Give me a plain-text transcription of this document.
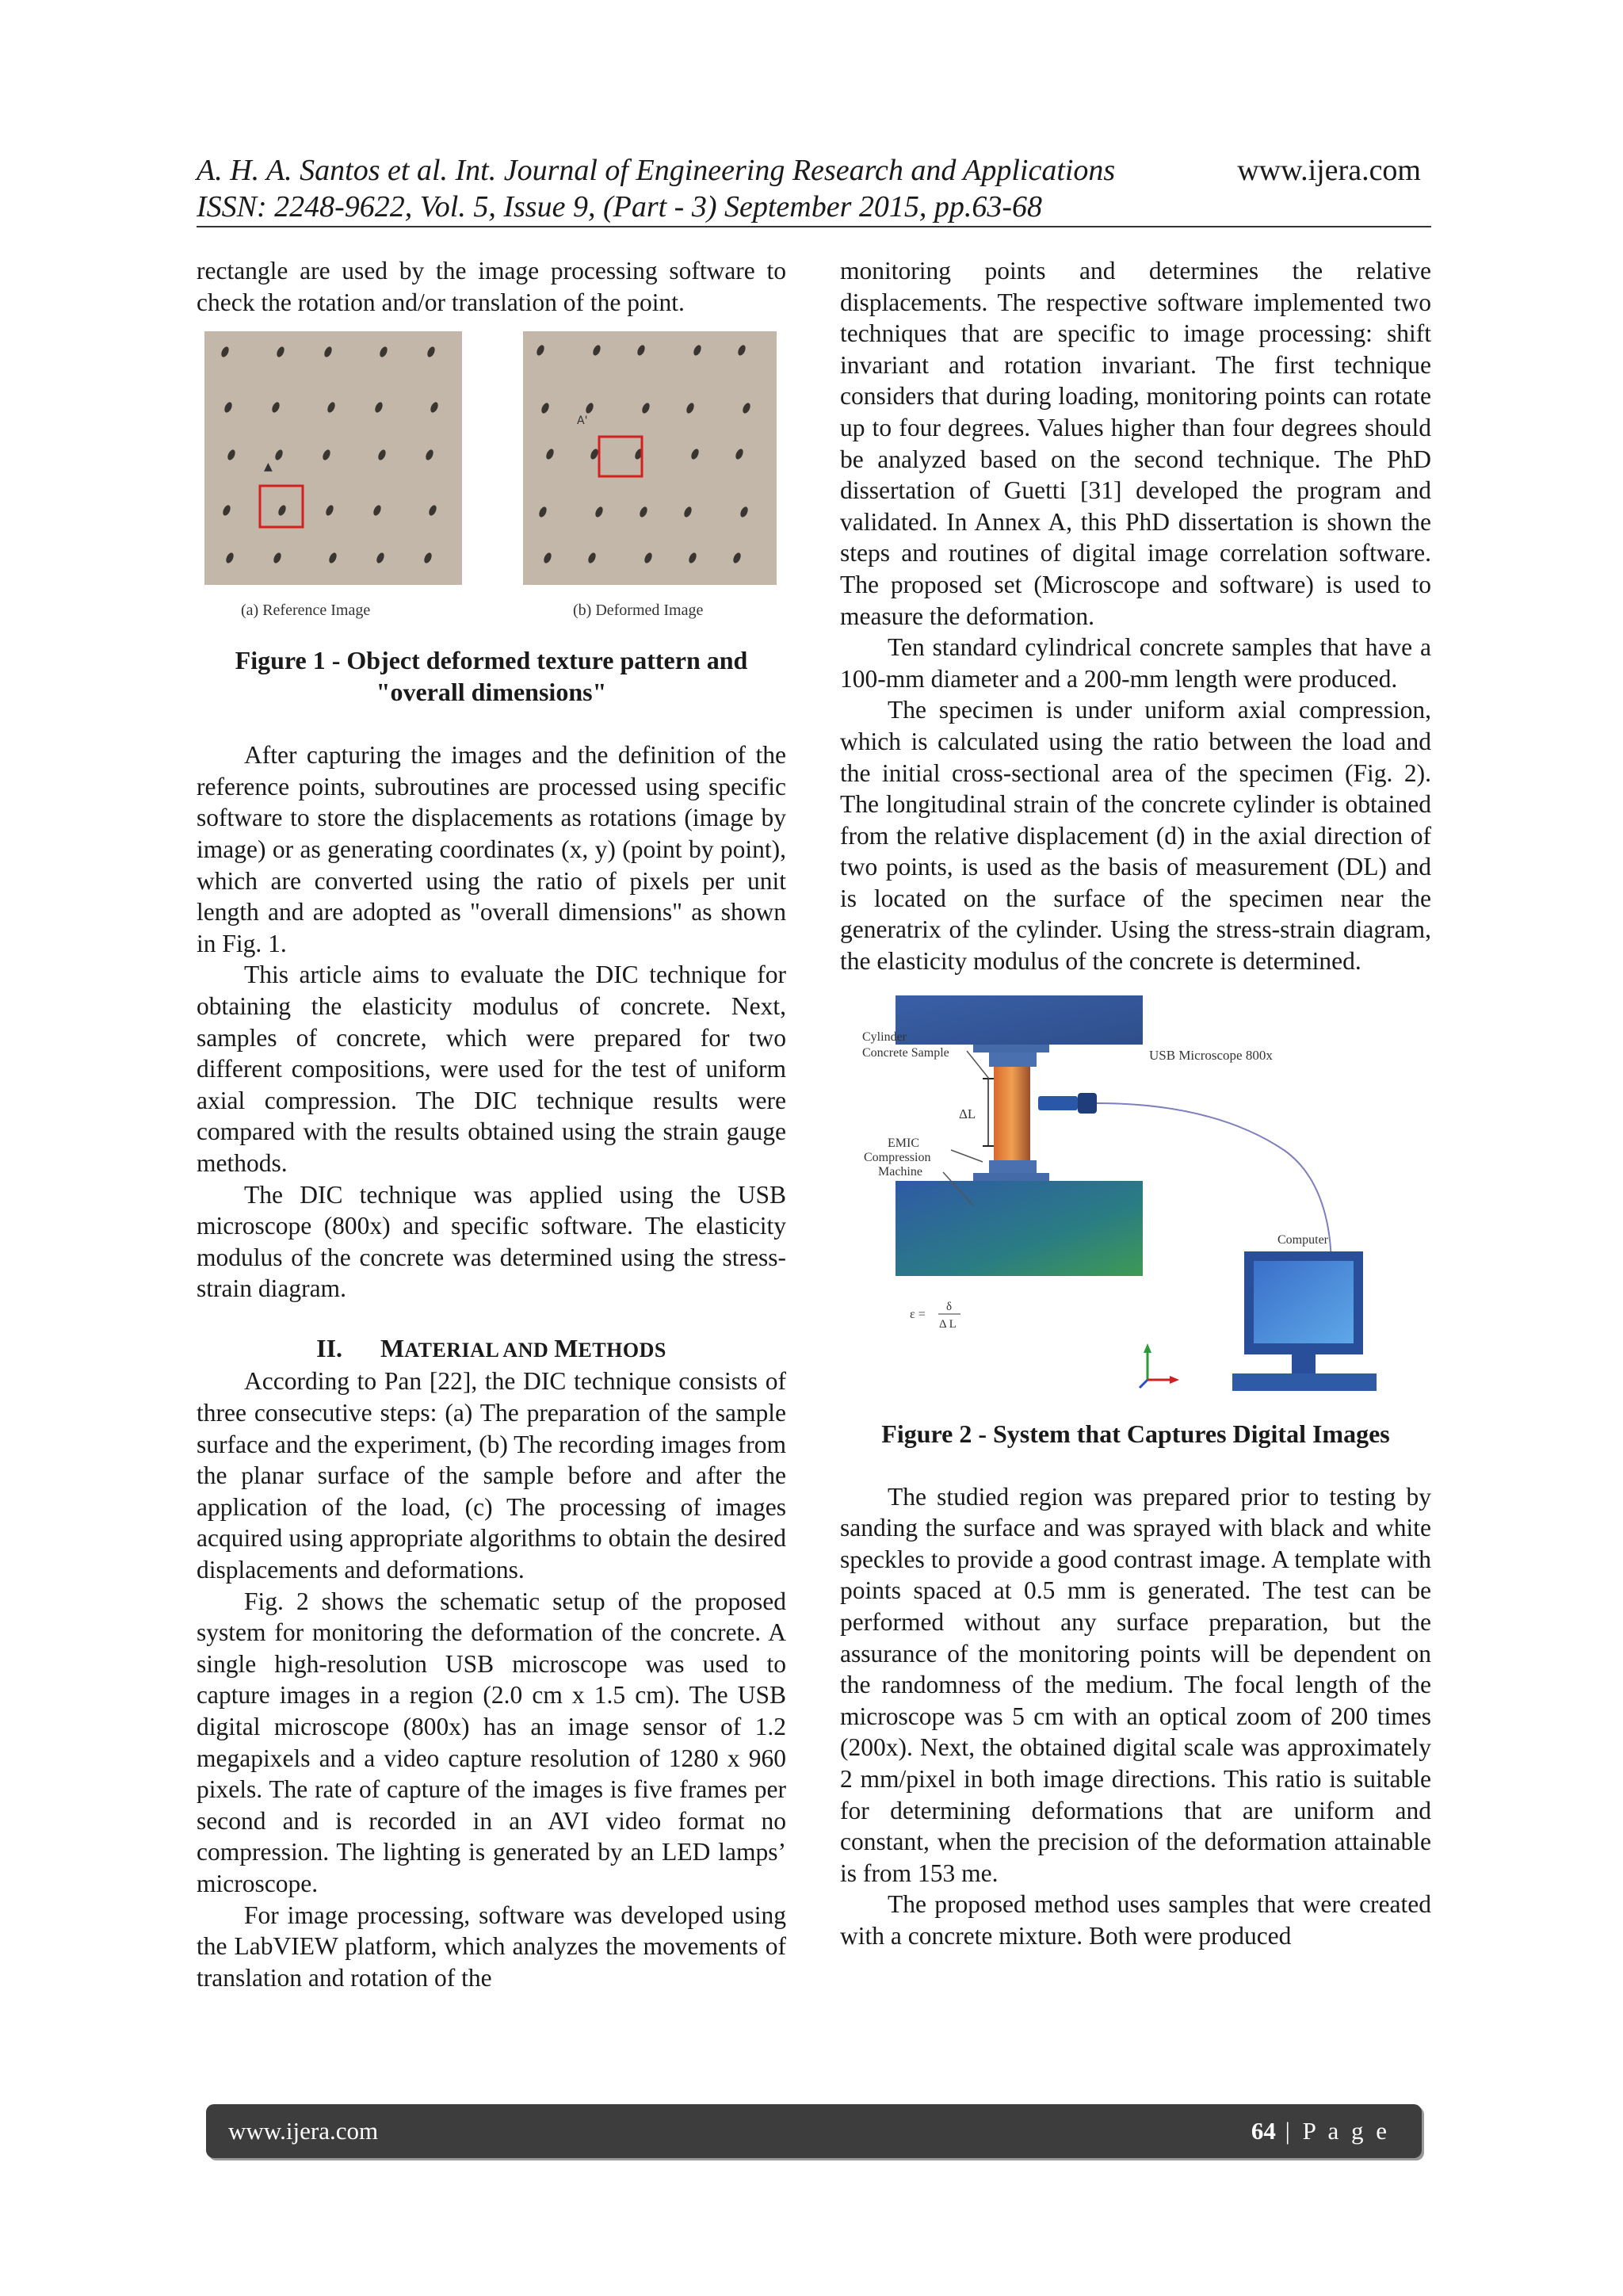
A. H. A. Santos et al. Int. Journal of Engineering Research and Applications	www.ijera.com
ISSN: 2248-9622, Vol. 5, Issue 9, (Part - 3) September 2015, pp.63-68

rectangle are used by the image processing software to check the rotation and/or translation of the point.

▲
A'
(a) Reference Image	(b) Deformed Image
Figure 1 - Object deformed texture pattern and "overall dimensions"

After capturing the images and the definition of the reference points, subroutines are processed using specific software to store the displacements as rotations (image by image) or as generating coordinates (x, y) (point by point), which are converted using the ratio of pixels per unit length and are adopted as "overall dimensions" as shown in Fig. 1.

This article aims to evaluate the DIC technique for obtaining the elasticity modulus of concrete. Next, samples of concrete, which were prepared for two different compositions, were used for the test of uniform axial compression. The DIC technique results were compared with the results obtained using the strain gauge methods.

The DIC technique was applied using the USB microscope (800x) and specific software. The elasticity modulus of the concrete was determined using the stress-strain diagram.

II. MATERIAL AND METHODS

According to Pan [22], the DIC technique consists of three consecutive steps: (a) The preparation of the sample surface and the experiment, (b) The recording images from the planar surface of the sample before and after the application of the load, (c) The processing of images acquired using appropriate algorithms to obtain the desired displacements and deformations.

Fig. 2 shows the schematic setup of the proposed system for monitoring the deformation of the concrete. A single high-resolution USB microscope was used to capture images in a region (2.0 cm x 1.5 cm). The USB digital microscope (800x) has an image sensor of 1.2 megapixels and a video capture resolution of 1280 x 960 pixels. The rate of capture of the images is five frames per second and is recorded in an AVI video format no compression. The lighting is generated by an LED lamps’ microscope.

For image processing, software was developed using the LabVIEW platform, which analyzes the movements of translation and rotation of the

monitoring points and determines the relative displacements. The respective software implemented two techniques that are specific to image processing: shift invariant and rotation invariant. The first technique considers that during loading, monitoring points can rotate up to four degrees. Values higher than four degrees should be analyzed based on the second technique. The PhD dissertation of Guetti [31] developed the program and validated. In Annex A, this PhD dissertation is shown the steps and routines of digital image correlation software. The proposed set (Microscope and software) is used to measure the deformation.

Ten standard cylindrical concrete samples that have a 100-mm diameter and a 200-mm length were produced.

The specimen is under uniform axial compression, which is calculated using the ratio between the load and the initial cross-sectional area of the specimen (Fig. 2). The longitudinal strain of the concrete cylinder is obtained from the relative displacement (d) in the axial direction of two points, is used as the basis of measurement (DL) and is located on the surface of the specimen near the generatrix of the cylinder. Using the stress-strain diagram, the elasticity modulus of the concrete is determined.

ΔL
USB Microscope 800x
Cylinder
Concrete Sample
EMIC
Compression
Machine
Computer
ε =
δ
Δ L
Figure 2 - System that Captures Digital Images

The studied region was prepared prior to testing by sanding the surface and was sprayed with black and white speckles to provide a good contrast image. A template with points spaced at 0.5 mm is generated. The test can be performed without any surface preparation, but the assurance of the monitoring points will be dependent on the randomness of the medium. The focal length of the microscope was 5 cm with an optical zoom of 200 times (200x). Next, the obtained digital scale was approximately 2 mm/pixel in both image directions. This ratio is suitable for determining deformations that are uniform and constant, when the precision of the deformation attainable is from 153 me.

The proposed method uses samples that were created with a concrete mixture. Both were produced

www.ijera.com	64 | P a g e
